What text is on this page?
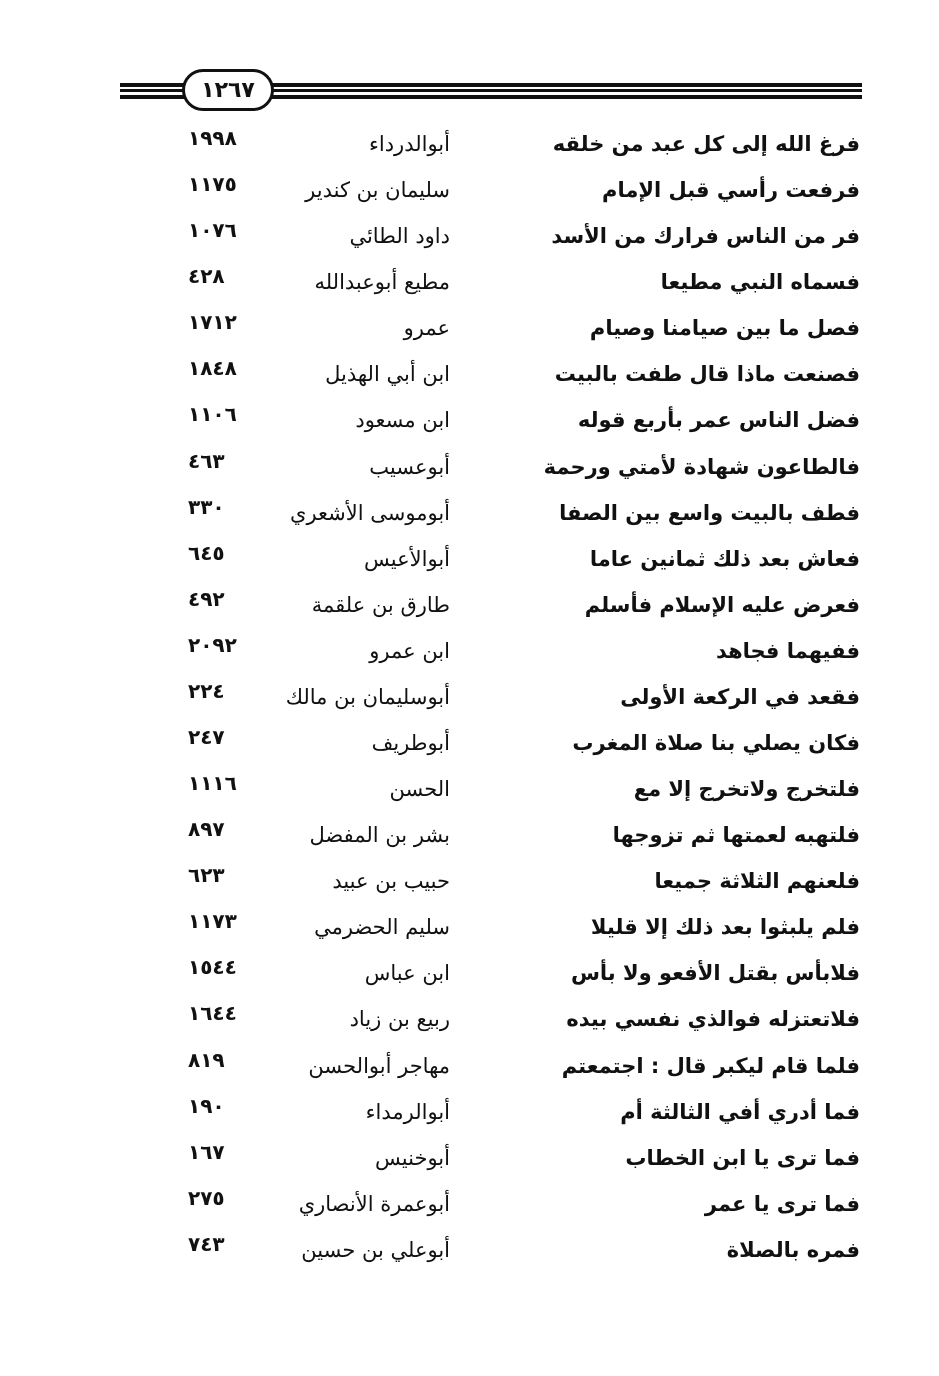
١٢٦٧
فرغ الله إلى كل عبد من خلقه
أبوالدرداء
١٩٩٨
فرفعت رأسي قبل الإمام
سليمان بن كندير
١١٧٥
فر من الناس فرارك من الأسد
داود الطائي
١٠٧٦
فسماه النبي مطيعا
مطيع أبوعبدالله
٤٢٨
فصل ما بين صيامنا وصيام
عمرو
١٧١٢
فصنعت ماذا قال طفت بالبيت
ابن أبي الهذيل
١٨٤٨
فضل الناس عمر بأربع قوله
ابن مسعود
١١٠٦
فالطاعون شهادة لأمتي ورحمة
أبوعسيب
٤٦٣
فطف بالبيت واسع بين الصفا
أبوموسى الأشعري
٣٣٠
فعاش بعد ذلك ثمانين عاما
أبوالأعيس
٦٤٥
فعرض عليه الإسلام فأسلم
طارق بن علقمة
٤٩٢
ففيهما فجاهد
ابن عمرو
٢٠٩٢
فقعد في الركعة الأولى
أبوسليمان بن مالك
٢٢٤
فكان يصلي بنا صلاة المغرب
أبوطريف
٢٤٧
فلتخرج ولاتخرج إلا مع
الحسن
١١١٦
فلتهبه لعمتها ثم تزوجها
بشر بن المفضل
٨٩٧
فلعنهم الثلاثة جميعا
حبيب بن عبيد
٦٢٣
فلم يلبثوا بعد ذلك إلا قليلا
سليم الحضرمي
١١٧٣
فلابأس بقتل الأفعو ولا بأس
ابن عباس
١٥٤٤
فلاتعتزله فوالذي نفسي بيده
ربيع بن زياد
١٦٤٤
فلما قام ليكبر قال : اجتمعتم
مهاجر أبوالحسن
٨١٩
فما أدري أفي الثالثة أم
أبوالرمداء
١٩٠
فما ترى يا ابن الخطاب
أبوخنيس
١٦٧
فما ترى يا عمر
أبوعمرة الأنصاري
٢٧٥
فمره بالصلاة
أبوعلي بن حسين
٧٤٣
